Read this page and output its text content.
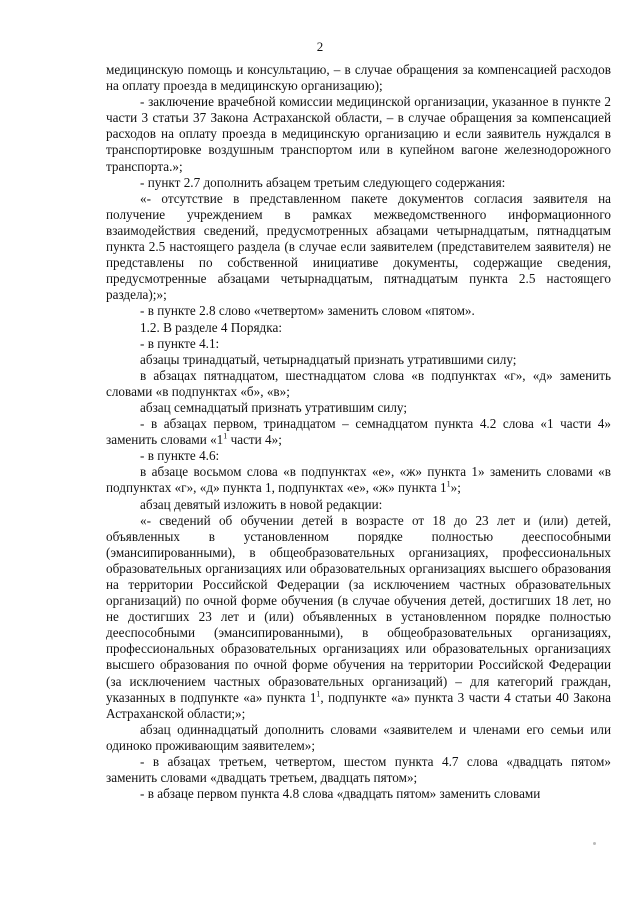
2

медицинскую помощь и консультацию, – в случае обращения за компенсацией расходов на оплату проезда в медицинскую организацию);

- заключение врачебной комиссии медицинской организации, указанное в пункте 2 части 3 статьи 37 Закона Астраханской области, – в случае обращения за компенсацией расходов на оплату проезда в медицинскую организацию и если заявитель нуждался в транспортировке воздушным транспортом или в купейном вагоне железнодорожного транспорта.»;

- пункт 2.7 дополнить абзацем третьим следующего содержания:

«- отсутствие в представленном пакете документов согласия заявителя на получение учреждением в рамках межведомственного информационного взаимодействия сведений, предусмотренных абзацами четырнадцатым, пятнадцатым пункта 2.5 настоящего раздела (в случае если заявителем (представителем заявителя) не представлены по собственной инициативе документы, содержащие сведения, предусмотренные абзацами четырнадцатым, пятнадцатым пункта 2.5 настоящего раздела);»;

- в пункте 2.8 слово «четвертом» заменить словом «пятом».

1.2. В разделе 4 Порядка:

- в пункте 4.1:

абзацы тринадцатый, четырнадцатый признать утратившими силу;

в абзацах пятнадцатом, шестнадцатом слова «в подпунктах «г», «д» заменить словами «в подпунктах «б», «в»;

абзац семнадцатый признать утратившим силу;

- в абзацах первом, тринадцатом – семнадцатом пункта 4.2 слова «1 части 4» заменить словами «$1^1$ части 4»;

- в пункте 4.6:

в абзаце восьмом слова «в подпунктах «е», «ж» пункта 1» заменить словами «в подпунктах «г», «д» пункта 1, подпунктах «е», «ж» пункта $1^1$»;

абзац девятый изложить в новой редакции:

«- сведений об обучении детей в возрасте от 18 до 23 лет и (или) детей, объявленных в установленном порядке полностью дееспособными (эмансипированными), в общеобразовательных организациях, профессиональных образовательных организациях или образовательных организациях высшего образования на территории Российской Федерации (за исключением частных образовательных организаций) по очной форме обучения (в случае обучения детей, достигших 18 лет, но не достигших 23 лет и (или) объявленных в установленном порядке полностью дееспособными (эмансипированными), в общеобразовательных организациях, профессиональных образовательных организациях или образовательных организациях высшего образования по очной форме обучения на территории Российской Федерации (за исключением частных образовательных организаций) – для категорий граждан, указанных в подпункте «а» пункта $1^1$, подпункте «а» пункта 3 части 4 статьи 40 Закона Астраханской области;»;

абзац одиннадцатый дополнить словами «заявителем и членами его семьи или одиноко проживающим заявителем»;

- в абзацах третьем, четвертом, шестом пункта 4.7 слова «двадцать пятом» заменить словами «двадцать третьем, двадцать пятом»;

- в абзаце первом пункта 4.8 слова «двадцать пятом» заменить словами
